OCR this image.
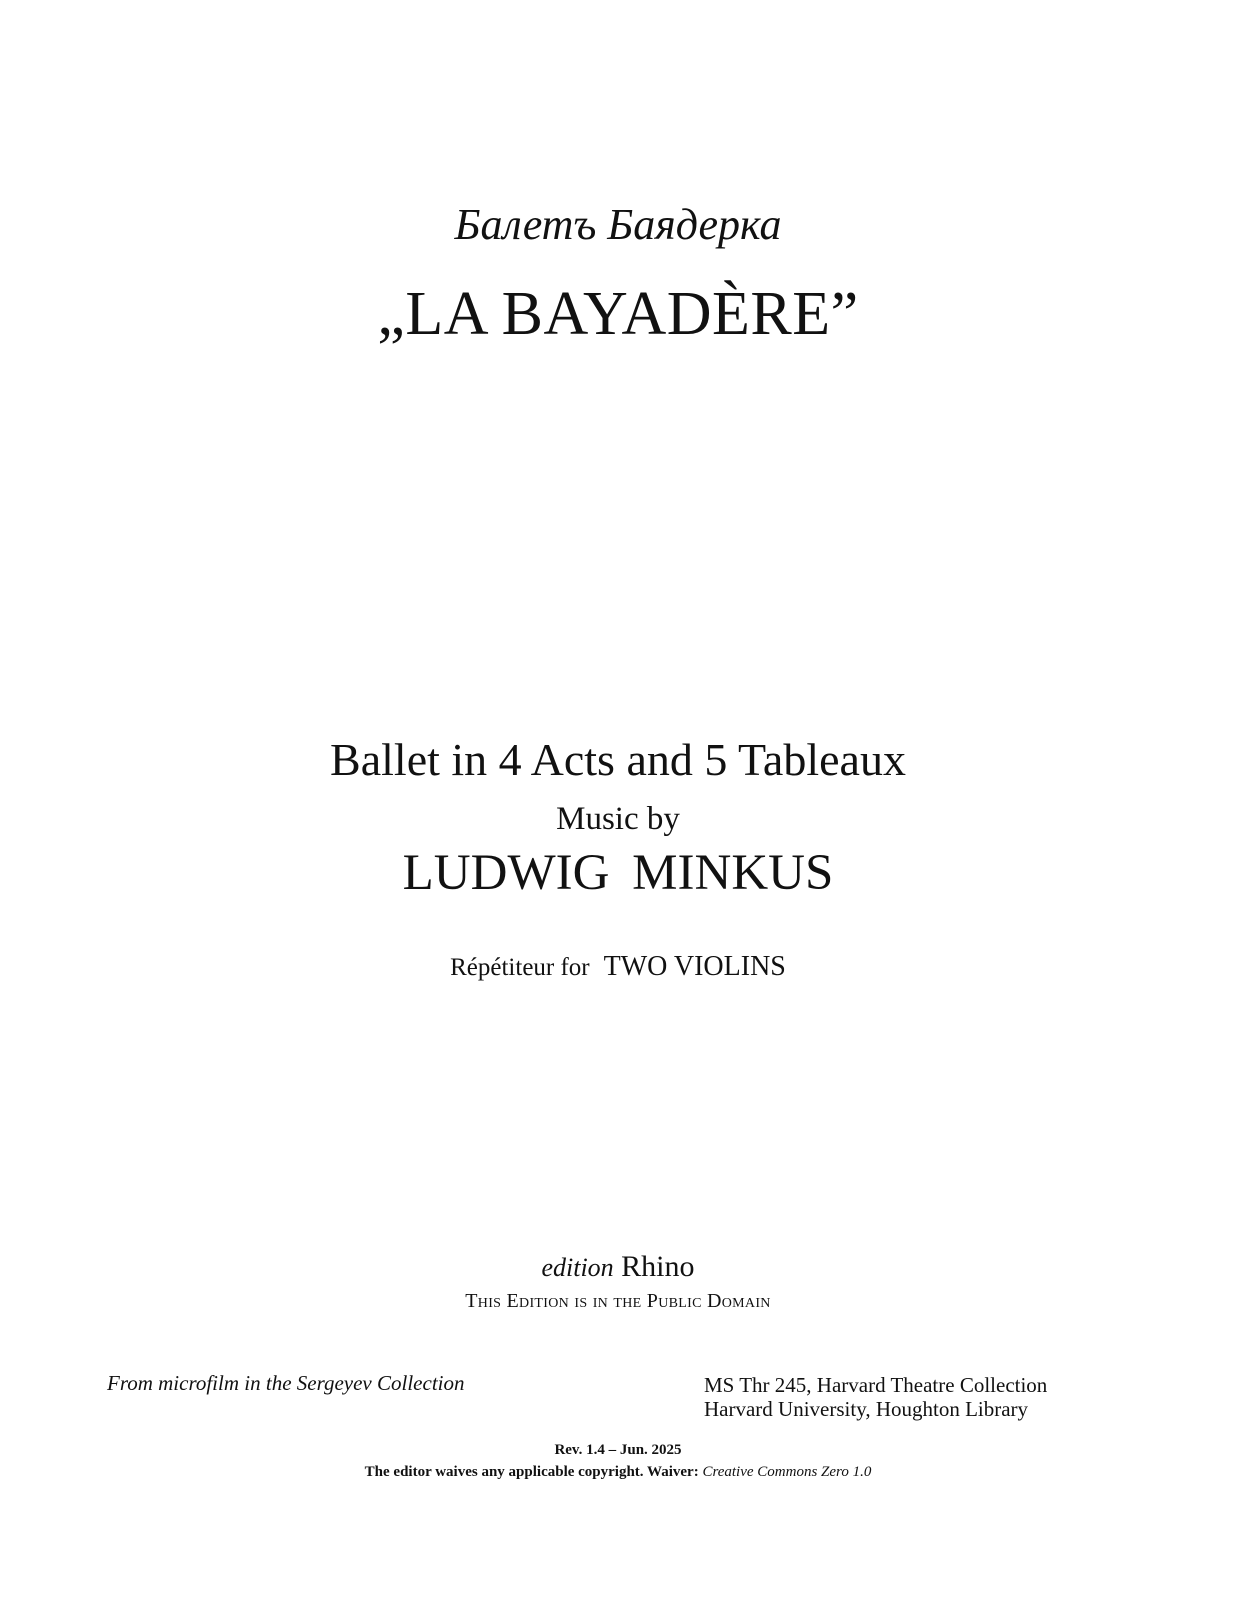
Балетъ Баядерка
„LA BAYADÈRE”
Ballet in 4 Acts and 5 Tableaux
Music by
LUDWIG MINKUS
Répétiteur for TWO VIOLINS
edition Rhino
This Edition is in the Public Domain
From microfilm in the Sergeyev Collection	MS Thr 245, Harvard Theatre Collection
Harvard University, Houghton Library
Rev. 1.4 – Jun. 2025
The editor waives any applicable copyright. Waiver: Creative Commons Zero 1.0
